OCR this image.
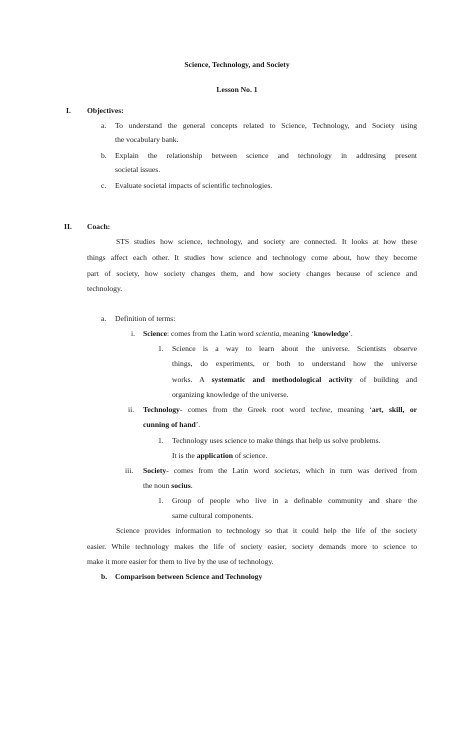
Science, Technology, and Society
Lesson No. 1
I. Objectives:
a. To understand the general concepts related to Science, Technology, and Society using
the vocabulary bank.
b. Explain the relationship between science and technology in addresing present
societal issues.
c. Evaluate societal impacts of scientific technologies.
II. Coach:
STS studies how science, technology, and society are connected. It looks at how these
things affect each other. It studies how science and technology come about, how they become
part of society, how society changes them, and how society changes because of science and
technology.
a. Definition of terms:
i. Science: comes from the Latin word scientia, meaning ‘knowledge’.
1. Science is a way to learn about the universe. Scientists observe
things, do experiments, or both to understand how the universe
works. A systematic and methodological activity of building and
organizing knowledge of the universe.
ii. Technology- comes from the Greek root word techne, meaning ‘art, skill, or
cunning of hand’.
1. Technology uses science to make things that help us solve problems.
It is the application of science.
iii. Society- comes from the Latin word societas, which in turn was derived from
the noun socius.
1. Group of people who live in a definable community and share the
same cultural components.
Science provides information to technology so that it could help the life of the society
easier. While technology makes the life of society easier, society demands more to science to
make it more easier for them to live by the use of technology.
b. Comparison between Science and Technology
